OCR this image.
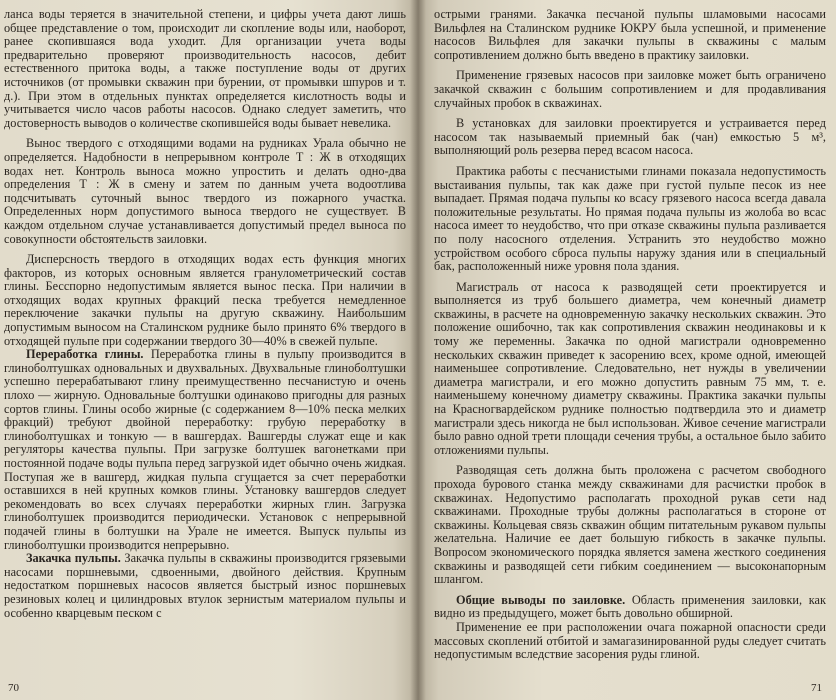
ланса воды теряется в значительной степени, и цифры учета дают лишь общее представление о том, происходит ли скопление воды или, наоборот, ранее скопившаяся вода уходит. Для организации учета воды предварительно проверяют производительность насосов, дебит естественного притока воды, а также поступление воды от других источников (от промывки скважин при бурении, от промывки шпуров и т. д.). При этом в отдельных пунктах определяется кислотность воды и учитывается число часов работы насосов. Однако следует заметить, что достоверность выводов о количестве скопившейся воды бывает невелика.

Вынос твердого с отходящими водами на рудниках Урала обычно не определяется. Надобности в непрерывном контроле Т : Ж в отходящих водах нет. Контроль выноса можно упростить и делать одно-два определения Т : Ж в смену и затем по данным учета водоотлива подсчитывать суточный вынос твердого из пожарного участка. Определенных норм допустимого выноса твердого не существует. В каждом отдельном случае устанавливается допустимый предел выноса по совокупности обстоятельств заиловки.

Дисперсность твердого в отходящих водах есть функция многих факторов, из которых основным является гранулометрический состав глины. Бесспорно недопустимым является вынос песка. При наличии в отходящих водах крупных фракций песка требуется немедленное переключение закачки пульпы на другую скважину. Наибольшим допустимым выносом на Сталинском руднике было принято 6% твердого в отходящей пульпе при содержании твердого 30—40% в свежей пульпе.

Переработка глины. Переработка глины в пульпу производится в глиноболтушках одновальных и двухвальных. Двухвальные глиноболтушки успешно перерабатывают глину преимущественно песчанистую и очень плохо — жирную. Одновальные болтушки одинаково пригодны для разных сортов глины. Глины особо жирные (с содержанием 8—10% песка мелких фракций) требуют двойной переработку: грубую переработку в глиноболтушках и тонкую — в вашгердах. Вашгерды служат еще и как регуляторы качества пульпы. При загрузке болтушек вагонетками при постоянной подаче воды пульпа перед загрузкой идет обычно очень жидкая. Поступая же в вашгерд, жидкая пульпа сгущается за счет переработки оставшихся в ней крупных комков глины. Установку вашгердов следует рекомендовать во всех случаях переработки жирных глин. Загрузка глиноболтушек производится периодически. Установок с непрерывной подачей глины в болтушки на Урале не имеется. Выпуск пульпы из глиноболтушки производится непрерывно.

Закачка пульпы. Закачка пульпы в скважины производится грязевыми насосами поршневыми, сдвоенными, двойного действия. Крупным недостатком поршневых насосов является быстрый износ поршневых резиновых колец и цилиндровых втулок зернистым материалом пульпы и особенно кварцевым песком с

70

острыми гранями. Закачка песчаной пульпы шламовыми насосами Вильфлея на Сталинском руднике ЮКРУ была успешной, и применение насосов Вильфлея для закачки пульпы в скважины с малым сопротивлением должно быть введено в практику заиловки.

Применение грязевых насосов при заиловке может быть ограничено закачкой скважин с большим сопротивлением и для продавливания случайных пробок в скважинах.

В установках для заиловки проектируется и устраивается перед насосом так называемый приемный бак (чан) емкостью 5 м³, выполняющий роль резерва перед всасом насоса.

Практика работы с песчанистыми глинами показала недопустимость выстаивания пульпы, так как даже при густой пульпе песок из нее выпадает. Прямая подача пульпы ко всасу грязевого насоса всегда давала положительные результаты. Но прямая подача пульпы из жолоба во всас насоса имеет то неудобство, что при отказе скважины пульпа разливается по полу насосного отделения. Устранить это неудобство можно устройством особого сброса пульпы наружу здания или в специальный бак, расположенный ниже уровня пола здания.

Магистраль от насоса к разводящей сети проектируется и выполняется из труб большего диаметра, чем конечный диаметр скважины, в расчете на одновременную закачку нескольких скважин. Это положение ошибочно, так как сопротивления скважин неодинаковы и к тому же переменны. Закачка по одной магистрали одновременно нескольких скважин приведет к засорению всех, кроме одной, имеющей наименьшее сопротивление. Следовательно, нет нужды в увеличении диаметра магистрали, и его можно допустить равным 75 мм, т. е. наименьшему конечному диаметру скважины. Практика закачки пульпы на Красногвардейском руднике полностью подтвердила это и диаметр магистрали здесь никогда не был использован. Живое сечение магистрали было равно одной трети площади сечения трубы, а остальное было забито отложениями пульпы.

Разводящая сеть должна быть проложена с расчетом свободного прохода бурового станка между скважинами для расчистки пробок в скважинах. Недопустимо располагать проходной рукав сети над скважинами. Проходные трубы должны располагаться в стороне от скважины. Кольцевая связь скважин общим питательным рукавом пульпы желательна. Наличие ее дает большую гибкость в закачке пульпы. Вопросом экономического порядка является замена жесткого соединения скважины и разводящей сети гибким соединением — высоконапорным шлангом.

Общие выводы по заиловке. Область применения заиловки, как видно из предыдущего, может быть довольно обширной.

Применение ее при расположении очага пожарной опасности среди массовых скоплений отбитой и замагазинированной руды следует считать недопустимым вследствие засорения руды глиной.

71
